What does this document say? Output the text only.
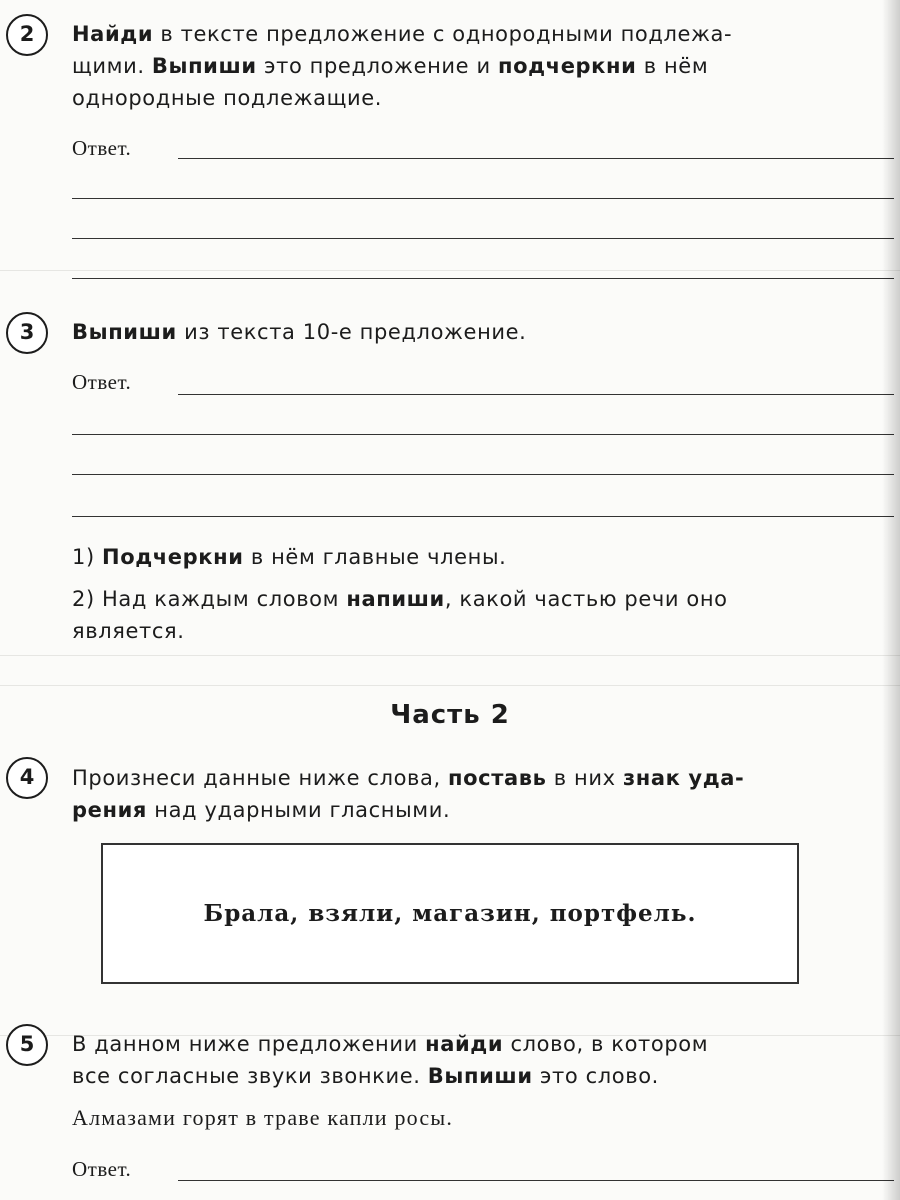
2	Найди в тексте предложение с однородными подлежа-
щими. Выпиши это предложение и подчеркни в нём
однородные подлежащие.
Ответ.
3	Выпиши из текста 10-е предложение.
Ответ.
1) Подчеркни в нём главные члены.
2) Над каждым словом напиши, какой частью речи оно
является.
Часть 2
4	Произнеси данные ниже слова, поставь в них знак уда-
рения над ударными гласными.
Брала, взяли, магазин, портфель.
5	В данном ниже предложении найди слово, в котором
все согласные звуки звонкие. Выпиши это слово.
Алмазами горят в траве капли росы.
Ответ.
